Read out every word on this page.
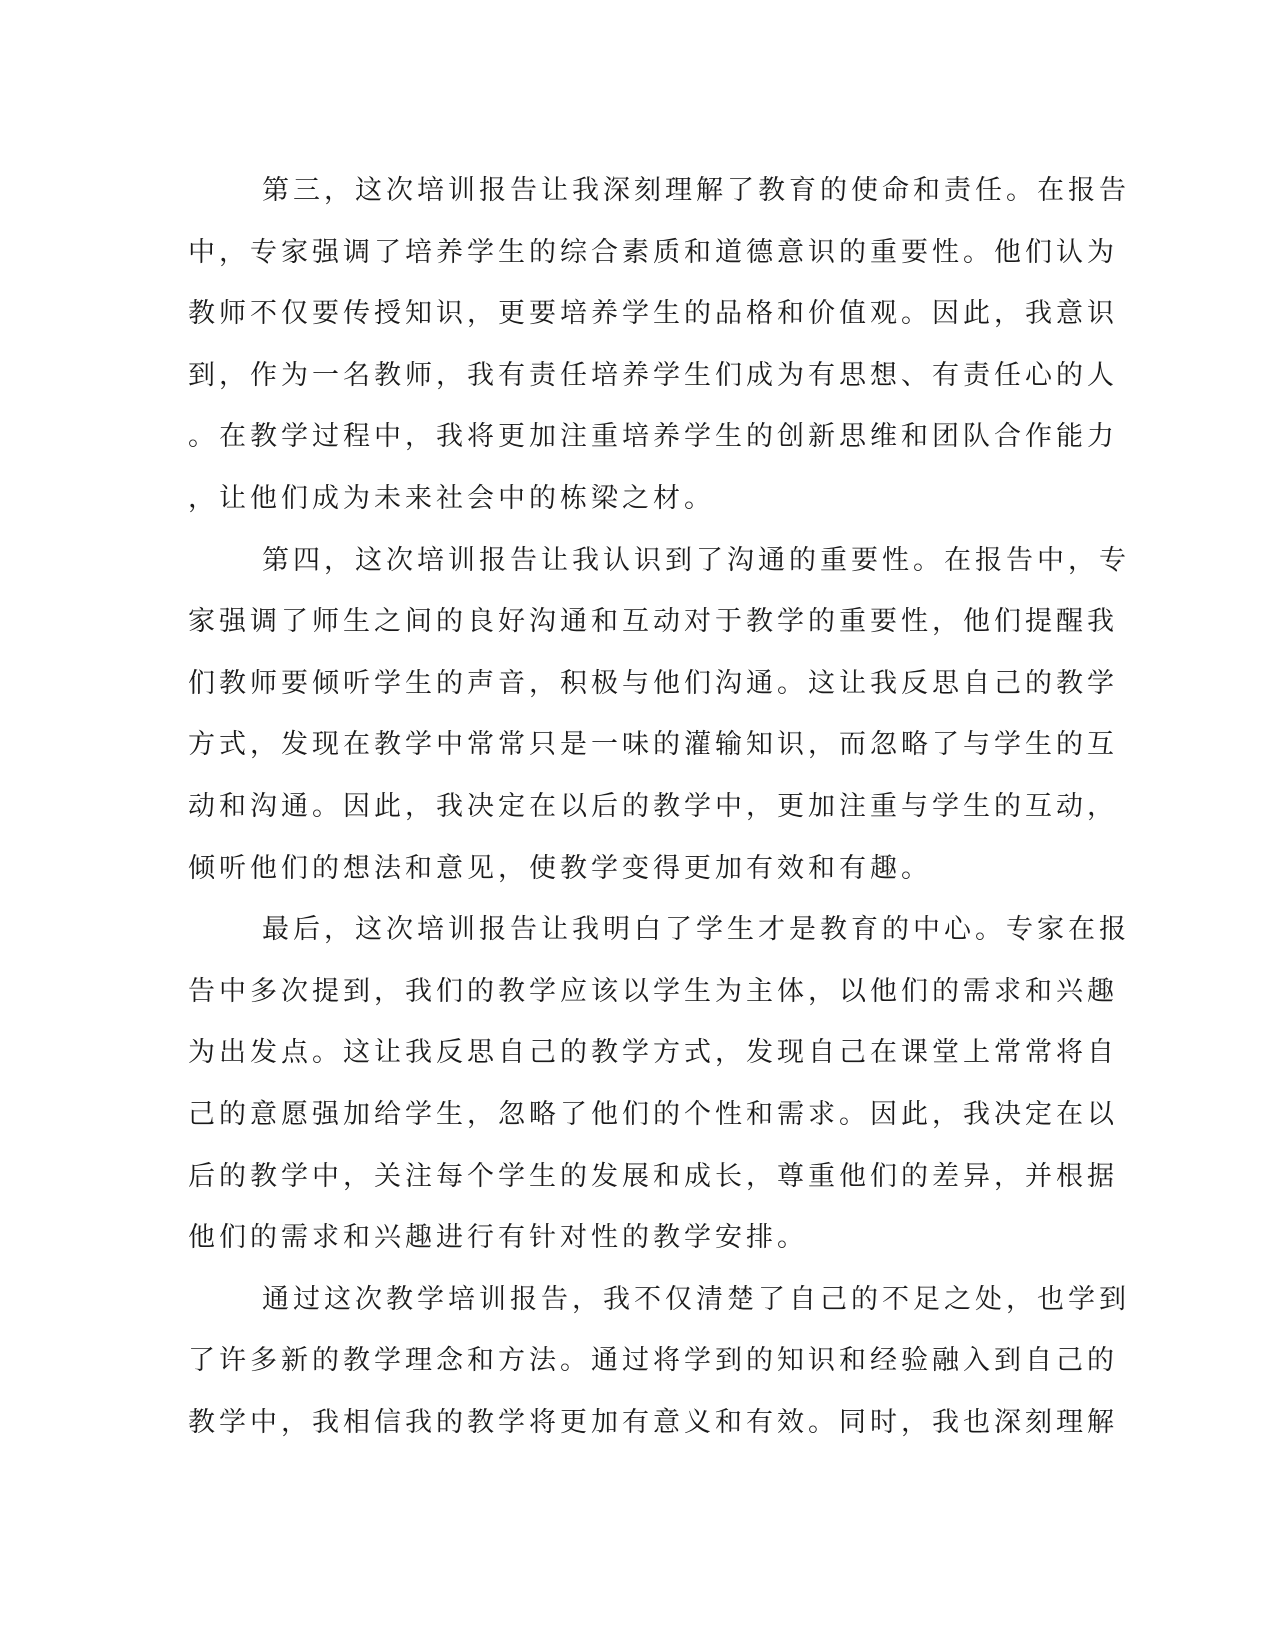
第三，这次培训报告让我深刻理解了教育的使命和责任。在报告
中，专家强调了培养学生的综合素质和道德意识的重要性。他们认为
教师不仅要传授知识，更要培养学生的品格和价值观。因此，我意识
到，作为一名教师，我有责任培养学生们成为有思想、有责任心的人
。在教学过程中，我将更加注重培养学生的创新思维和团队合作能力
，让他们成为未来社会中的栋梁之材。
第四，这次培训报告让我认识到了沟通的重要性。在报告中，专
家强调了师生之间的良好沟通和互动对于教学的重要性，他们提醒我
们教师要倾听学生的声音，积极与他们沟通。这让我反思自己的教学
方式，发现在教学中常常只是一味的灌输知识，而忽略了与学生的互
动和沟通。因此，我决定在以后的教学中，更加注重与学生的互动，
倾听他们的想法和意见，使教学变得更加有效和有趣。
最后，这次培训报告让我明白了学生才是教育的中心。专家在报
告中多次提到，我们的教学应该以学生为主体，以他们的需求和兴趣
为出发点。这让我反思自己的教学方式，发现自己在课堂上常常将自
己的意愿强加给学生，忽略了他们的个性和需求。因此，我决定在以
后的教学中，关注每个学生的发展和成长，尊重他们的差异，并根据
他们的需求和兴趣进行有针对性的教学安排。
通过这次教学培训报告，我不仅清楚了自己的不足之处，也学到
了许多新的教学理念和方法。通过将学到的知识和经验融入到自己的
教学中，我相信我的教学将更加有意义和有效。同时，我也深刻理解
